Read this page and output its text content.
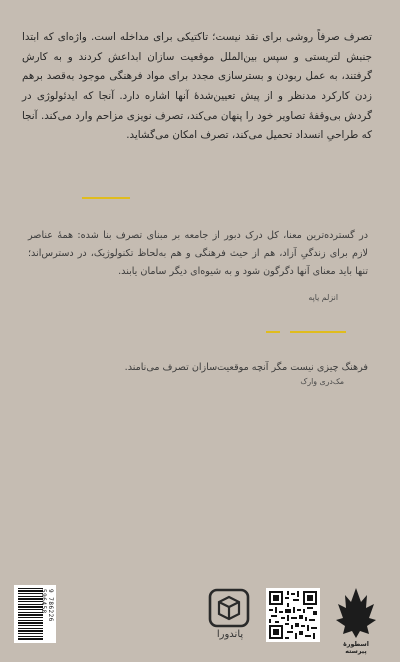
تصرف صرفاً روشی برای نقد نیست؛ تاکتیکی برای مداخله است. واژه‌ای که ابتدا جنبش لتریستی و سپس بین‌الملل موقعیت سازان ابداعش کردند و به کارش گرفتند، به عمل ربودن و بسترسازی مجدد برای مواد فرهنگی موجود به‌قصد برهم زدن کارکرد مدنظر و از پیش تعیین‌شدهٔ آنها اشاره دارد. آنجا که ایدئولوژی در گردش بی‌وقفهٔ تصاویر خود را پنهان می‌کند، تصرف نویزی مزاحم وارد می‌کند. آنجا که طراحیِ انسداد تحمیل می‌کند، تصرف امکان می‌گشاید.

در گسترده‌ترین معنا، کل درک دبور از جامعه بر مبنای تصرف بنا شده: همهٔ عناصر لازم برای زندگیِ آزاد، هم از حیث فرهنگی و هم به‌لحاظ تکنولوژیک، در دسترس‌اند؛ تنها باید معنای آنها دگرگون شود و به شیوه‌ای دیگر سامان یابند.

انزلم یاپه
فرهنگ چیزی نیست مگر آنچه موقعیت‌سازان تصرف می‌نامند.
مک‌دری وارک
9 786226 596458
پاندورا
اسطورهٔ پیرسته
